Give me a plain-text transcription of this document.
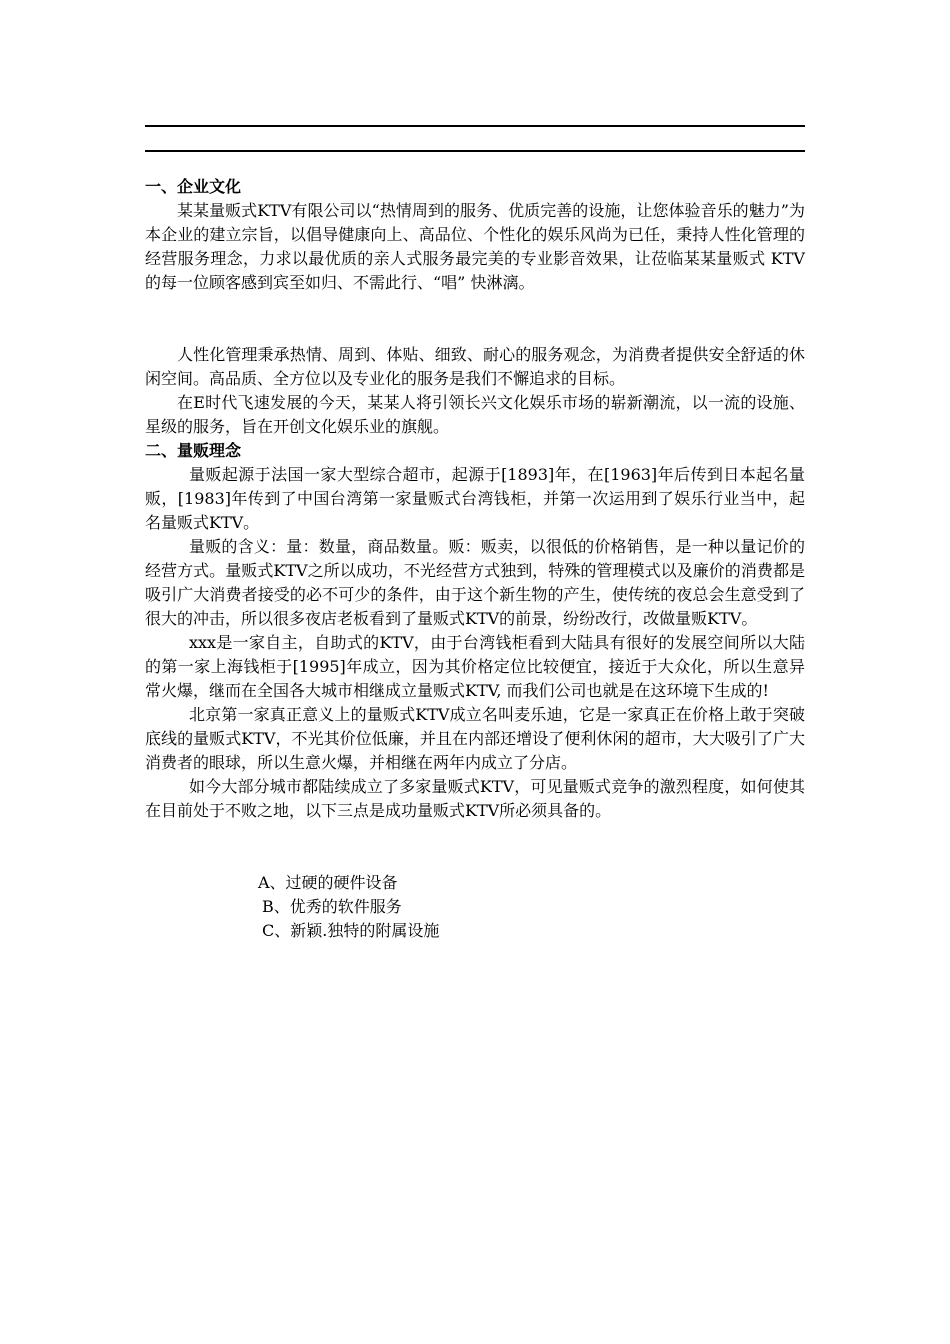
一、企业文化

某某量贩式KTV有限公司以“热情周到的服务、优质完善的设施，让您体验音乐的魅力”为本企业的建立宗旨，以倡导健康向上、高品位、个性化的娱乐风尚为已任，秉持人性化管理的经营服务理念，力求以最优质的亲人式服务最完美的专业影音效果，让莅临某某量贩式 KTV的每一位顾客感到宾至如归、不需此行、“唱” 快淋漓。

人性化管理秉承热情、周到、体贴、细致、耐心的服务观念，为消费者提供安全舒适的休闲空间。高品质、全方位以及专业化的服务是我们不懈追求的目标。

在E时代飞速发展的今天，某某人将引领长兴文化娱乐市场的崭新潮流，以一流的设施、星级的服务，旨在开创文化娱乐业的旗舰。

二、量贩理念

量贩起源于法国一家大型综合超市，起源于[1893]年，在[1963]年后传到日本起名量贩，[1983]年传到了中国台湾第一家量贩式台湾钱柜，并第一次运用到了娱乐行业当中，起名量贩式KTV。

量贩的含义：量：数量，商品数量。贩：贩卖，以很低的价格销售，是一种以量记价的经营方式。量贩式KTV之所以成功，不光经营方式独到，特殊的管理模式以及廉价的消费都是吸引广大消费者接受的必不可少的条件，由于这个新生物的产生，使传统的夜总会生意受到了很大的冲击，所以很多夜店老板看到了量贩式KTV的前景，纷纷改行，改做量贩KTV。

xxx是一家自主，自助式的KTV，由于台湾钱柜看到大陆具有很好的发展空间所以大陆的第一家上海钱柜于[1995]年成立，因为其价格定位比较便宜，接近于大众化，所以生意异常火爆，继而在全国各大城市相继成立量贩式KTV, 而我们公司也就是在这环境下生成的!

北京第一家真正意义上的量贩式KTV成立名叫麦乐迪，它是一家真正在价格上敢于突破底线的量贩式KTV，不光其价位低廉，并且在内部还增设了便利休闲的超市，大大吸引了广大消费者的眼球，所以生意火爆，并相继在两年内成立了分店。

如今大部分城市都陆续成立了多家量贩式KTV，可见量贩式竞争的激烈程度，如何使其在目前处于不败之地，以下三点是成功量贩式KTV所必须具备的。

A、过硬的硬件设备
B、优秀的软件服务
C、新颖.独特的附属设施
